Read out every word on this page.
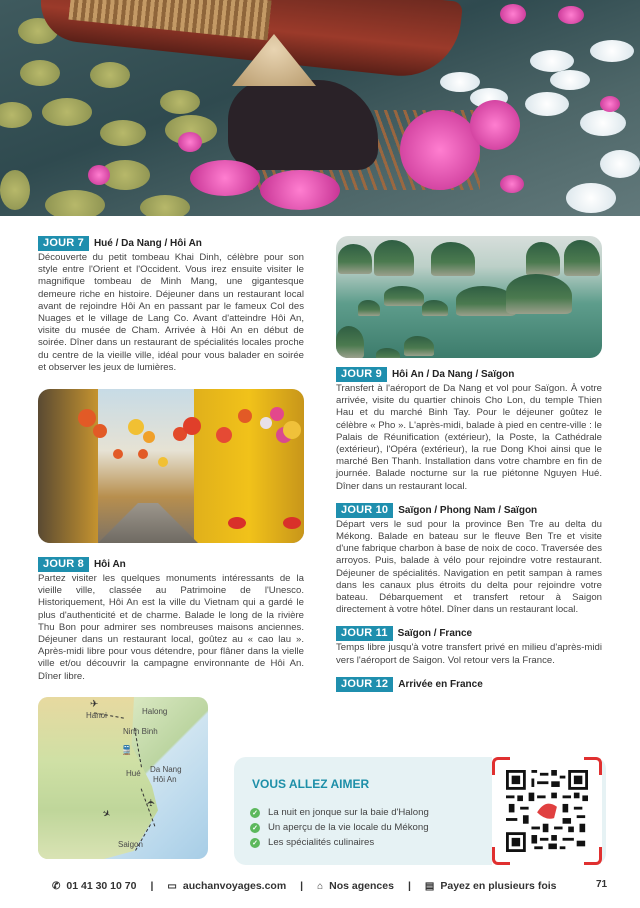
JOUR 7	Hué / Da Nang / Hôi An

Découverte du petit tombeau Khai Dinh, célèbre pour son style entre l'Orient et l'Occident. Vous irez ensuite visiter le magnifique tombeau de Minh Mang, une gigantesque demeure riche en histoire. Déjeuner dans un restaurant local avant de rejoindre Hôi An en passant par le fameux Col des Nuages et le village de Lang Co. Avant d'atteindre Hôi An, visite du musée de Cham. Arrivée à Hôi An en début de soirée. Dîner dans un restaurant de spécialités locales proche du centre de la vieille ville, idéal pour vous balader en soirée et observer les jeux de lumières.

JOUR 8	Hôi An

Partez visiter les quelques monuments intéressants de la vieille ville, classée au Patrimoine de l'Unesco. Historiquement, Hôi An est la ville du Vietnam qui a gardé le plus d'authenticité et de charme. Balade le long de la rivière Thu Bon pour admirer ses nombreuses maisons anciennes. Déjeuner dans un restaurant local, goûtez au « cao lau ». Après-midi libre pour vous détendre, pour flâner dans la vielle ville et/ou découvrir la campagne environnante de Hôi An. Dîner libre.

Hanoi	Halong
Ninh Binh
Hué Da Nang
Hôi An
Saigon
✈
✈
✈
🚆
JOUR 9	Hôi An / Da Nang / Saïgon

Transfert à l'aéroport de Da Nang et vol pour Saïgon. À votre arrivée, visite du quartier chinois Cho Lon, du temple Thien Hau et du marché Binh Tay. Pour le déjeuner goûtez le célèbre « Pho ». L'après-midi, balade à pied en centre-ville : le Palais de Réunification (extérieur), la Poste, la Cathédrale (extérieur), l'Opéra (extérieur), la rue Dong Khoi ainsi que le marché Ben Thanh. Installation dans votre chambre en fin de journée. Balade nocturne sur la rue piétonne Nguyen Hué. Dîner dans un restaurant local.

JOUR 10	Saïgon / Phong Nam / Saïgon

Départ vers le sud pour la province Ben Tre au delta du Mékong. Balade en bateau sur le fleuve Ben Tre et visite d'une fabrique charbon à base de noix de coco. Traversée des arroyos. Puis, balade à vélo pour rejoindre votre restaurant. Déjeuner de spécialités. Navigation en petit sampan à rames dans les canaux plus étroits du delta pour rejoindre votre bateau. Débarquement et transfert retour à Saigon directement à votre hôtel. Dîner dans un restaurant local.

JOUR 11	Saïgon / France

Temps libre jusqu'à votre transfert privé en milieu d'après-midi vers l'aéroport de Saigon. Vol retour vers la France.

JOUR 12	Arrivée en France
VOUS ALLEZ AIMER
✓ La nuit en jonque sur la baie d'Halong
✓ Un aperçu de la vie locale du Mékong
✓ Les spécialités culinaires
✆ 01 41 30 10 70 | ▭ auchanvoyages.com | ⌂ Nos agences | ▤ Payez en plusieurs fois	71
